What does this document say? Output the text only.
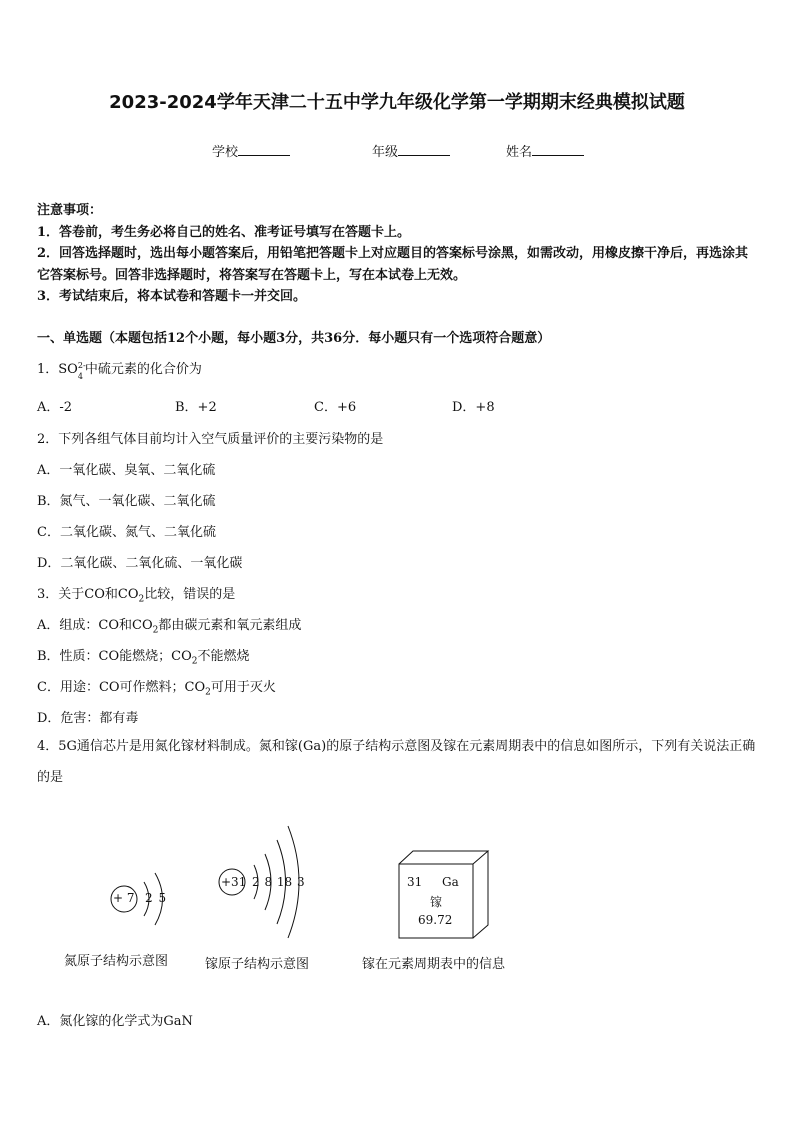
2023-2024学年天津二十五中学九年级化学第一学期期末经典模拟试题
学校	年级	姓名

注意事项：

1．答卷前，考生务必将自己的姓名、准考证号填写在答题卡上。

2．回答选择题时，选出每小题答案后，用铅笔把答题卡上对应题目的答案标号涂黑，如需改动，用橡皮擦干净后，再选涂其它答案标号。回答非选择题时，将答案写在答题卡上，写在本试卷上无效。

3．考试结束后，将本试卷和答题卡一并交回。

一、单选题（本题包括12个小题，每小题3分，共36分．每小题只有一个选项符合题意）
1．SO 2-
4 中硫元素的化合价为
A．-2	B．+2	C．+6	D．+8
2．下列各组气体目前均计入空气质量评价的主要污染物的是
A．一氧化碳、臭氧、二氧化硫
B．氮气、一氧化碳、二氧化硫
C．二氧化碳、氮气、二氧化硫
D．二氧化碳、二氧化硫、一氧化碳
3．关于CO和$CO_2$比较，错误的是
A．组成：CO和$CO_2$都由碳元素和氧元素组成
B．性质：CO能燃烧；$CO_2$不能燃烧
C．用途：CO可作燃料；$CO_2$可用于灭火
D．危害：都有毒
4．5G通信芯片是用氮化镓材料制成。氮和镓(Ga)的原子结构示意图及镓在元素周期表中的信息如图所示，下列有关说法正确的是
+ 7 2 5
+31 2 8 18 3	31 Ga
镓
69.72
氮原子结构示意图	镓原子结构示意图	镓在元素周期表中的信息
A．氮化镓的化学式为GaN
